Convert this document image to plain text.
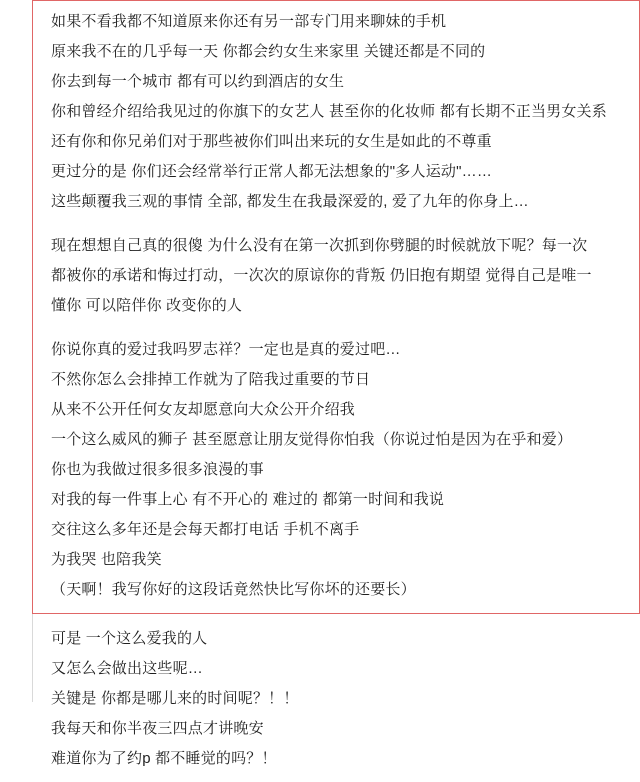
如果不看我都不知道原来你还有另一部专门用来聊妹的手机

原来我不在的几乎每一天 你都会约女生来家里 关键还都是不同的

你去到每一个城市 都有可以约到酒店的女生

你和曾经介绍给我见过的你旗下的女艺人 甚至你的化妆师 都有长期不正当男女关系

还有你和你兄弟们对于那些被你们叫出来玩的女生是如此的不尊重

更过分的是 你们还会经常举行正常人都无法想象的"多人运动"……

这些颠覆我三观的事情 全部, 都发生在我最深爱的, 爱了九年的你身上…

现在想想自己真的很傻 为什么没有在第一次抓到你劈腿的时候就放下呢？每一次

都被你的承诺和悔过打动，一次次的原谅你的背叛 仍旧抱有期望 觉得自己是唯一

懂你 可以陪伴你 改变你的人

你说你真的爱过我吗罗志祥？一定也是真的爱过吧…

不然你怎么会排掉工作就为了陪我过重要的节日

从来不公开任何女友却愿意向大众公开介绍我

一个这么威风的狮子 甚至愿意让朋友觉得你怕我（你说过怕是因为在乎和爱）

你也为我做过很多很多浪漫的事

对我的每一件事上心 有不开心的 难过的 都第一时间和我说

交往这么多年还是会每天都打电话 手机不离手

为我哭 也陪我笑

（天啊！我写你好的这段话竟然快比写你坏的还要长）

可是 一个这么爱我的人

又怎么会做出这些呢…

关键是 你都是哪儿来的时间呢？！！

我每天和你半夜三四点才讲晚安

难道你为了约p 都不睡觉的吗？！
